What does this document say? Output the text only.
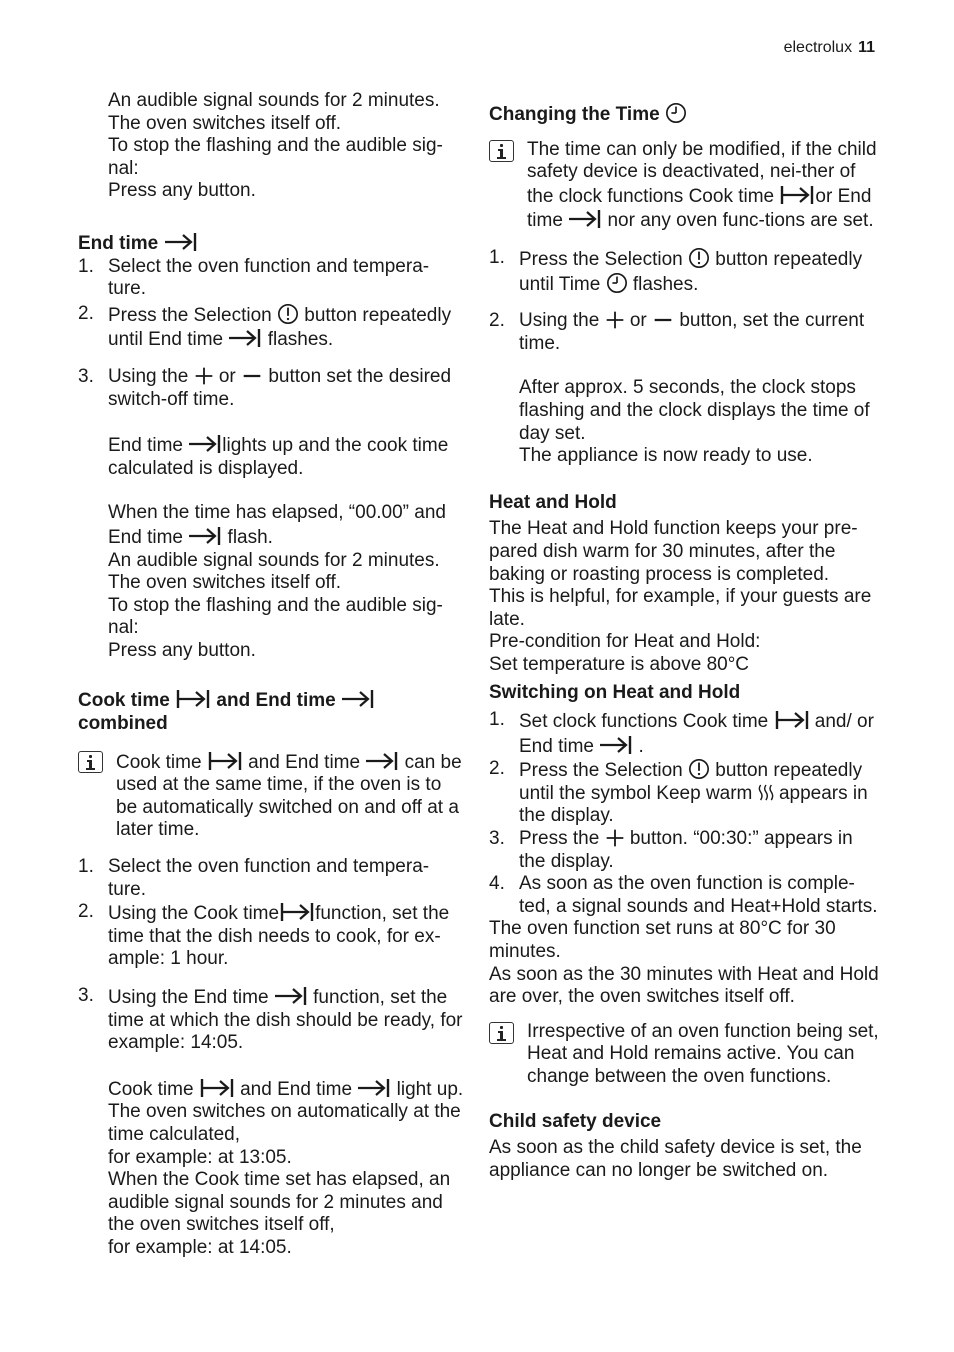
electrolux 11

An audible signal sounds for 2 minutes.

The oven switches itself off.

To stop the flashing and the audible sig-nal:

Press any button.

End time
1. Select the oven function and tempera-ture.
2. Press the Selection button repeatedly until End time flashes.
3. Using the or button set the desired switch-off time.
End time lights up and the cook time calculated is displayed.

When the time has elapsed, “00.00” and End time flash.

An audible signal sounds for 2 minutes.

The oven switches itself off.

To stop the flashing and the audible sig-nal:

Press any button.

Cook time and End time
combined
Cook time and End time can be used at the same time, if the oven is to be automatically switched on and off at a later time.
1. Select the oven function and tempera-ture.
2. Using the Cook time function, set the time that the dish needs to cook, for ex-ample: 1 hour.
3. Using the End time function, set the time at which the dish should be ready, for example: 14:05.

Cook time and End time light up.

The oven switches on automatically at the time calculated,

for example: at 13:05.

When the Cook time set has elapsed, an audible signal sounds for 2 minutes and the oven switches itself off,

for example: at 14:05.

Changing the Time
The time can only be modified, if the child safety device is deactivated, nei-ther of the clock functions Cook time or End time nor any oven func-tions are set.
1. Press the Selection button repeatedly until Time flashes.
2. Using the or button, set the current time.

After approx. 5 seconds, the clock stops flashing and the clock displays the time of day set.

The appliance is now ready to use.

Heat and Hold

The Heat and Hold function keeps your pre-pared dish warm for 30 minutes, after the baking or roasting process is completed.

This is helpful, for example, if your guests are late.

Pre-condition for Heat and Hold:

Set temperature is above 80°C

Switching on Heat and Hold
1. Set clock functions Cook time and/ or End time .
2. Press the Selection button repeatedly until the symbol Keep warm appears in the display.
3. Press the button. “00:30:” appears in the display.
4. As soon as the oven function is comple-ted, a signal sounds and Heat+Hold starts.

The oven function set runs at 80°C for 30 minutes.

As soon as the 30 minutes with Heat and Hold are over, the oven switches itself off.

Irrespective of an oven function being set, Heat and Hold remains active. You can change between the oven functions.
Child safety device

As soon as the child safety device is set, the appliance can no longer be switched on.
